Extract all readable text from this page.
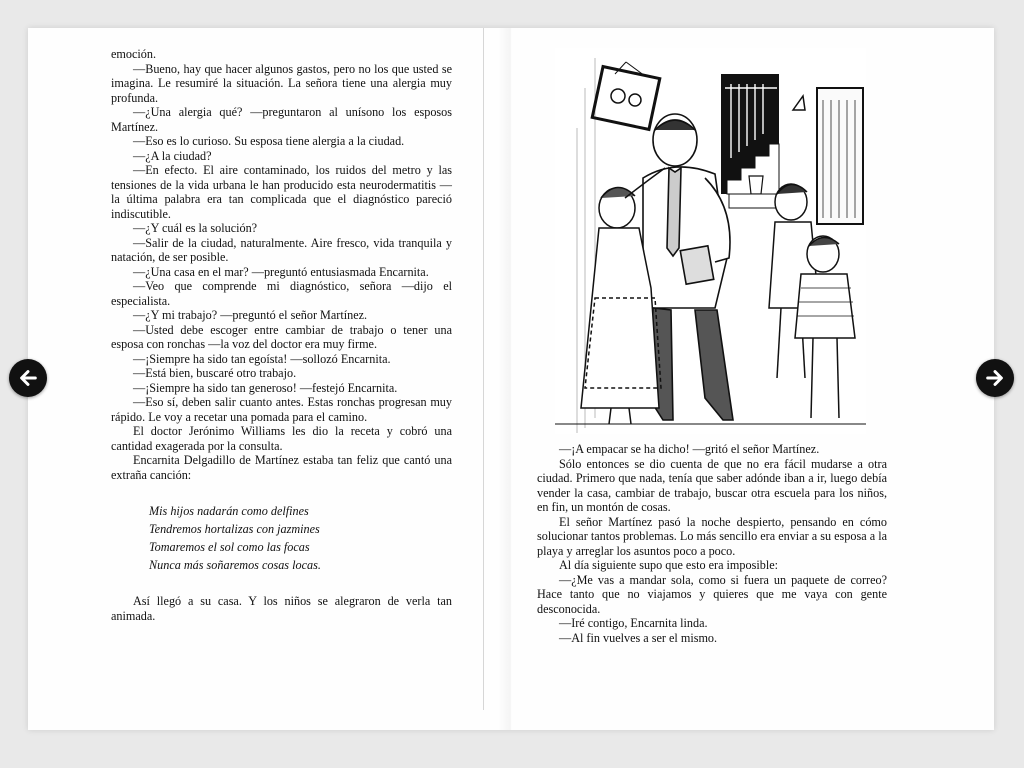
emoción.

—Bueno, hay que hacer algunos gastos, pero no los que usted se imagina. Le resumiré la situación. La señora tiene una alergia muy profunda.

—¿Una alergia qué? —preguntaron al unísono los esposos Martínez.

—Eso es lo curioso. Su esposa tiene alergia a la ciudad.

—¿A la ciudad?

—En efecto. El aire contaminado, los ruidos del metro y las tensiones de la vida urbana le han producido esta neurodermatitis —la última palabra era tan complicada que el diagnóstico pareció indiscutible.

—¿Y cuál es la solución?

—Salir de la ciudad, naturalmente. Aire fresco, vida tranquila y natación, de ser posible.

—¿Una casa en el mar? —preguntó entusiasmada Encarnita.

—Veo que comprende mi diagnóstico, señora —dijo el especialista.

—¿Y mi trabajo? —preguntó el señor Martínez.

—Usted debe escoger entre cambiar de trabajo o tener una esposa con ronchas —la voz del doctor era muy firme.

—¡Siempre ha sido tan egoísta! —sollozó Encarnita.

—Está bien, buscaré otro trabajo.

—¡Siempre ha sido tan generoso! —festejó Encarnita.

—Eso sí, deben salir cuanto antes. Estas ronchas progresan muy rápido. Le voy a recetar una pomada para el camino.

El doctor Jerónimo Williams les dio la receta y cobró una cantidad exagerada por la consulta.

Encarnita Delgadillo de Martínez estaba tan feliz que cantó una extraña canción:

Mis hijos nadarán como delfines
Tendremos hortalizas con jazmines
Tomaremos el sol como las focas
Nunca más soñaremos cosas locas.

Así llegó a su casa. Y los niños se alegraron de verla tan animada.

—¡A empacar se ha dicho! —gritó el señor Martínez.

Sólo entonces se dio cuenta de que no era fácil mudarse a otra ciudad. Primero que nada, tenía que saber adónde iban a ir, luego debía vender la casa, cambiar de trabajo, buscar otra escuela para los niños, en fin, un montón de cosas.

El señor Martínez pasó la noche despierto, pensando en cómo solucionar tantos problemas. Lo más sencillo era enviar a su esposa a la playa y arreglar los asuntos poco a poco.

Al día siguiente supo que esto era imposible:

—¿Me vas a mandar sola, como si fuera un paquete de correo? Hace tanto que no viajamos y quieres que me vaya con gente desconocida.

—Iré contigo, Encarnita linda.

—Al fin vuelves a ser el mismo.
